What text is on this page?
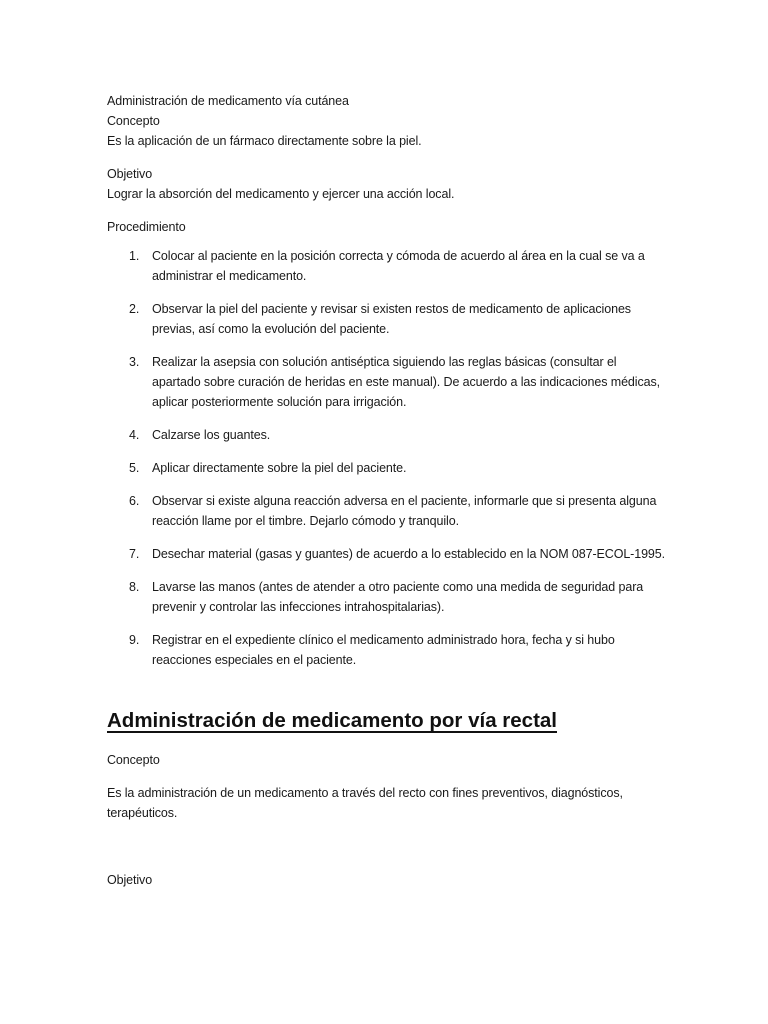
Administración de medicamento vía cutánea
Concepto
Es la aplicación de un fármaco directamente sobre la piel.
Objetivo
Lograr la absorción del medicamento y ejercer una acción local.
Procedimiento
1. Colocar al paciente en la posición correcta y cómoda de acuerdo al área en la cual se va a administrar el medicamento.
2. Observar la piel del paciente y revisar si existen restos de medicamento de aplicaciones previas, así como la evolución del paciente.
3. Realizar la asepsia con solución antiséptica siguiendo las reglas básicas (consultar el apartado sobre curación de heridas en este manual). De acuerdo a las indicaciones médicas, aplicar posteriormente solución para irrigación.
4. Calzarse los guantes.
5. Aplicar directamente sobre la piel del paciente.
6. Observar si existe alguna reacción adversa en el paciente, informarle que si presenta alguna reacción llame por el timbre. Dejarlo cómodo y tranquilo.
7. Desechar material (gasas y guantes) de acuerdo a lo establecido en la NOM 087-ECOL-1995.
8. Lavarse las manos (antes de atender a otro paciente como una medida de seguridad para prevenir y controlar las infecciones intrahospitalarias).
9. Registrar en el expediente clínico el medicamento administrado hora, fecha y si hubo reacciones especiales en el paciente.
Administración de medicamento por vía rectal
Concepto
Es la administración de un medicamento a través del recto con fines preventivos, diagnósticos, terapéuticos.
Objetivo
